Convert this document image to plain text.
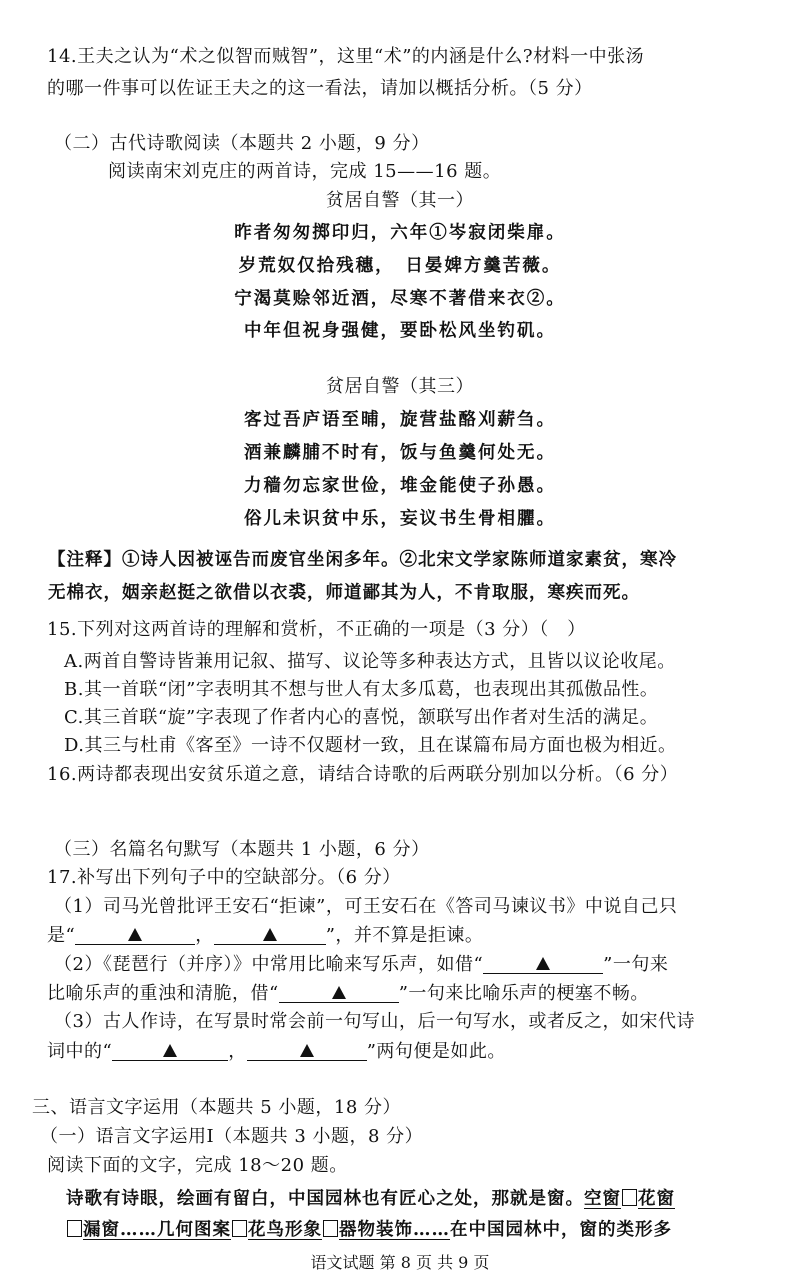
14.王夫之认为“术之似智而贼智”，这里“术”的内涵是什么?材料一中张汤
的哪一件事可以佐证王夫之的这一看法，请加以概括分析。（5 分）
（二）古代诗歌阅读（本题共 2 小题，9 分）
阅读南宋刘克庄的两首诗，完成 15——16 题。
贫居自警（其一）
昨者匆匆掷印归，六年①岑寂闭柴扉。
岁荒奴仅拾残穗，　日晏婢方羹苦薇。
宁渴莫赊邻近酒，尽寒不著借来衣②。
中年但祝身强健，要卧松风坐钓矶。
贫居自警（其三）
客过吾庐语至晡，旋营盐酪刈薪刍。
酒兼麟脯不时有，饭与鱼羹何处无。
力穑勿忘家世俭，堆金能使子孙愚。
俗儿未识贫中乐，妄议书生骨相臞。
【注释】①诗人因被诬告而废官坐闲多年。②北宋文学家陈师道家素贫，寒冷
无棉衣，姻亲赵挺之欲借以衣裘，师道鄙其为人，不肯取服，寒疾而死。
15.下列对这两首诗的理解和赏析，不正确的一项是（3 分）（　）
A.两首自警诗皆兼用记叙、描写、议论等多种表达方式，且皆以议论收尾。
B.其一首联“闭”字表明其不想与世人有太多瓜葛，也表现出其孤傲品性。
C.其三首联“旋”字表现了作者内心的喜悦，颔联写出作者对生活的满足。
D.其三与杜甫《客至》一诗不仅题材一致，且在谋篇布局方面也极为相近。
16.两诗都表现出安贫乐道之意，请结合诗歌的后两联分别加以分析。（6 分）
（三）名篇名句默写（本题共 1 小题，6 分）
17.补写出下列句子中的空缺部分。（6 分）
（1）司马光曾批评王安石“拒谏”，可王安石在《答司马谏议书》中说自己只
是“	，	”，并不算是拒谏。
（2）《琵琶行（并序）》中常用比喻来写乐声，如借“	”一句来
比喻乐声的重浊和清脆，借“	”一句来比喻乐声的梗塞不畅。
（3）古人作诗，在写景时常会前一句写山，后一句写水，或者反之，如宋代诗
词中的“	，	”两句便是如此。
三、语言文字运用（本题共 5 小题，18 分）
（一）语言文字运用Ⅰ（本题共 3 小题，8 分）
阅读下面的文字，完成 18～20 题。
诗歌有诗眼，绘画有留白，中国园林也有匠心之处，那就是窗。空窗 花窗
漏窗……几何图案 花鸟形象 器物装饰……在中国园林中，窗的类形多
语文试题 第 8 页 共 9 页
